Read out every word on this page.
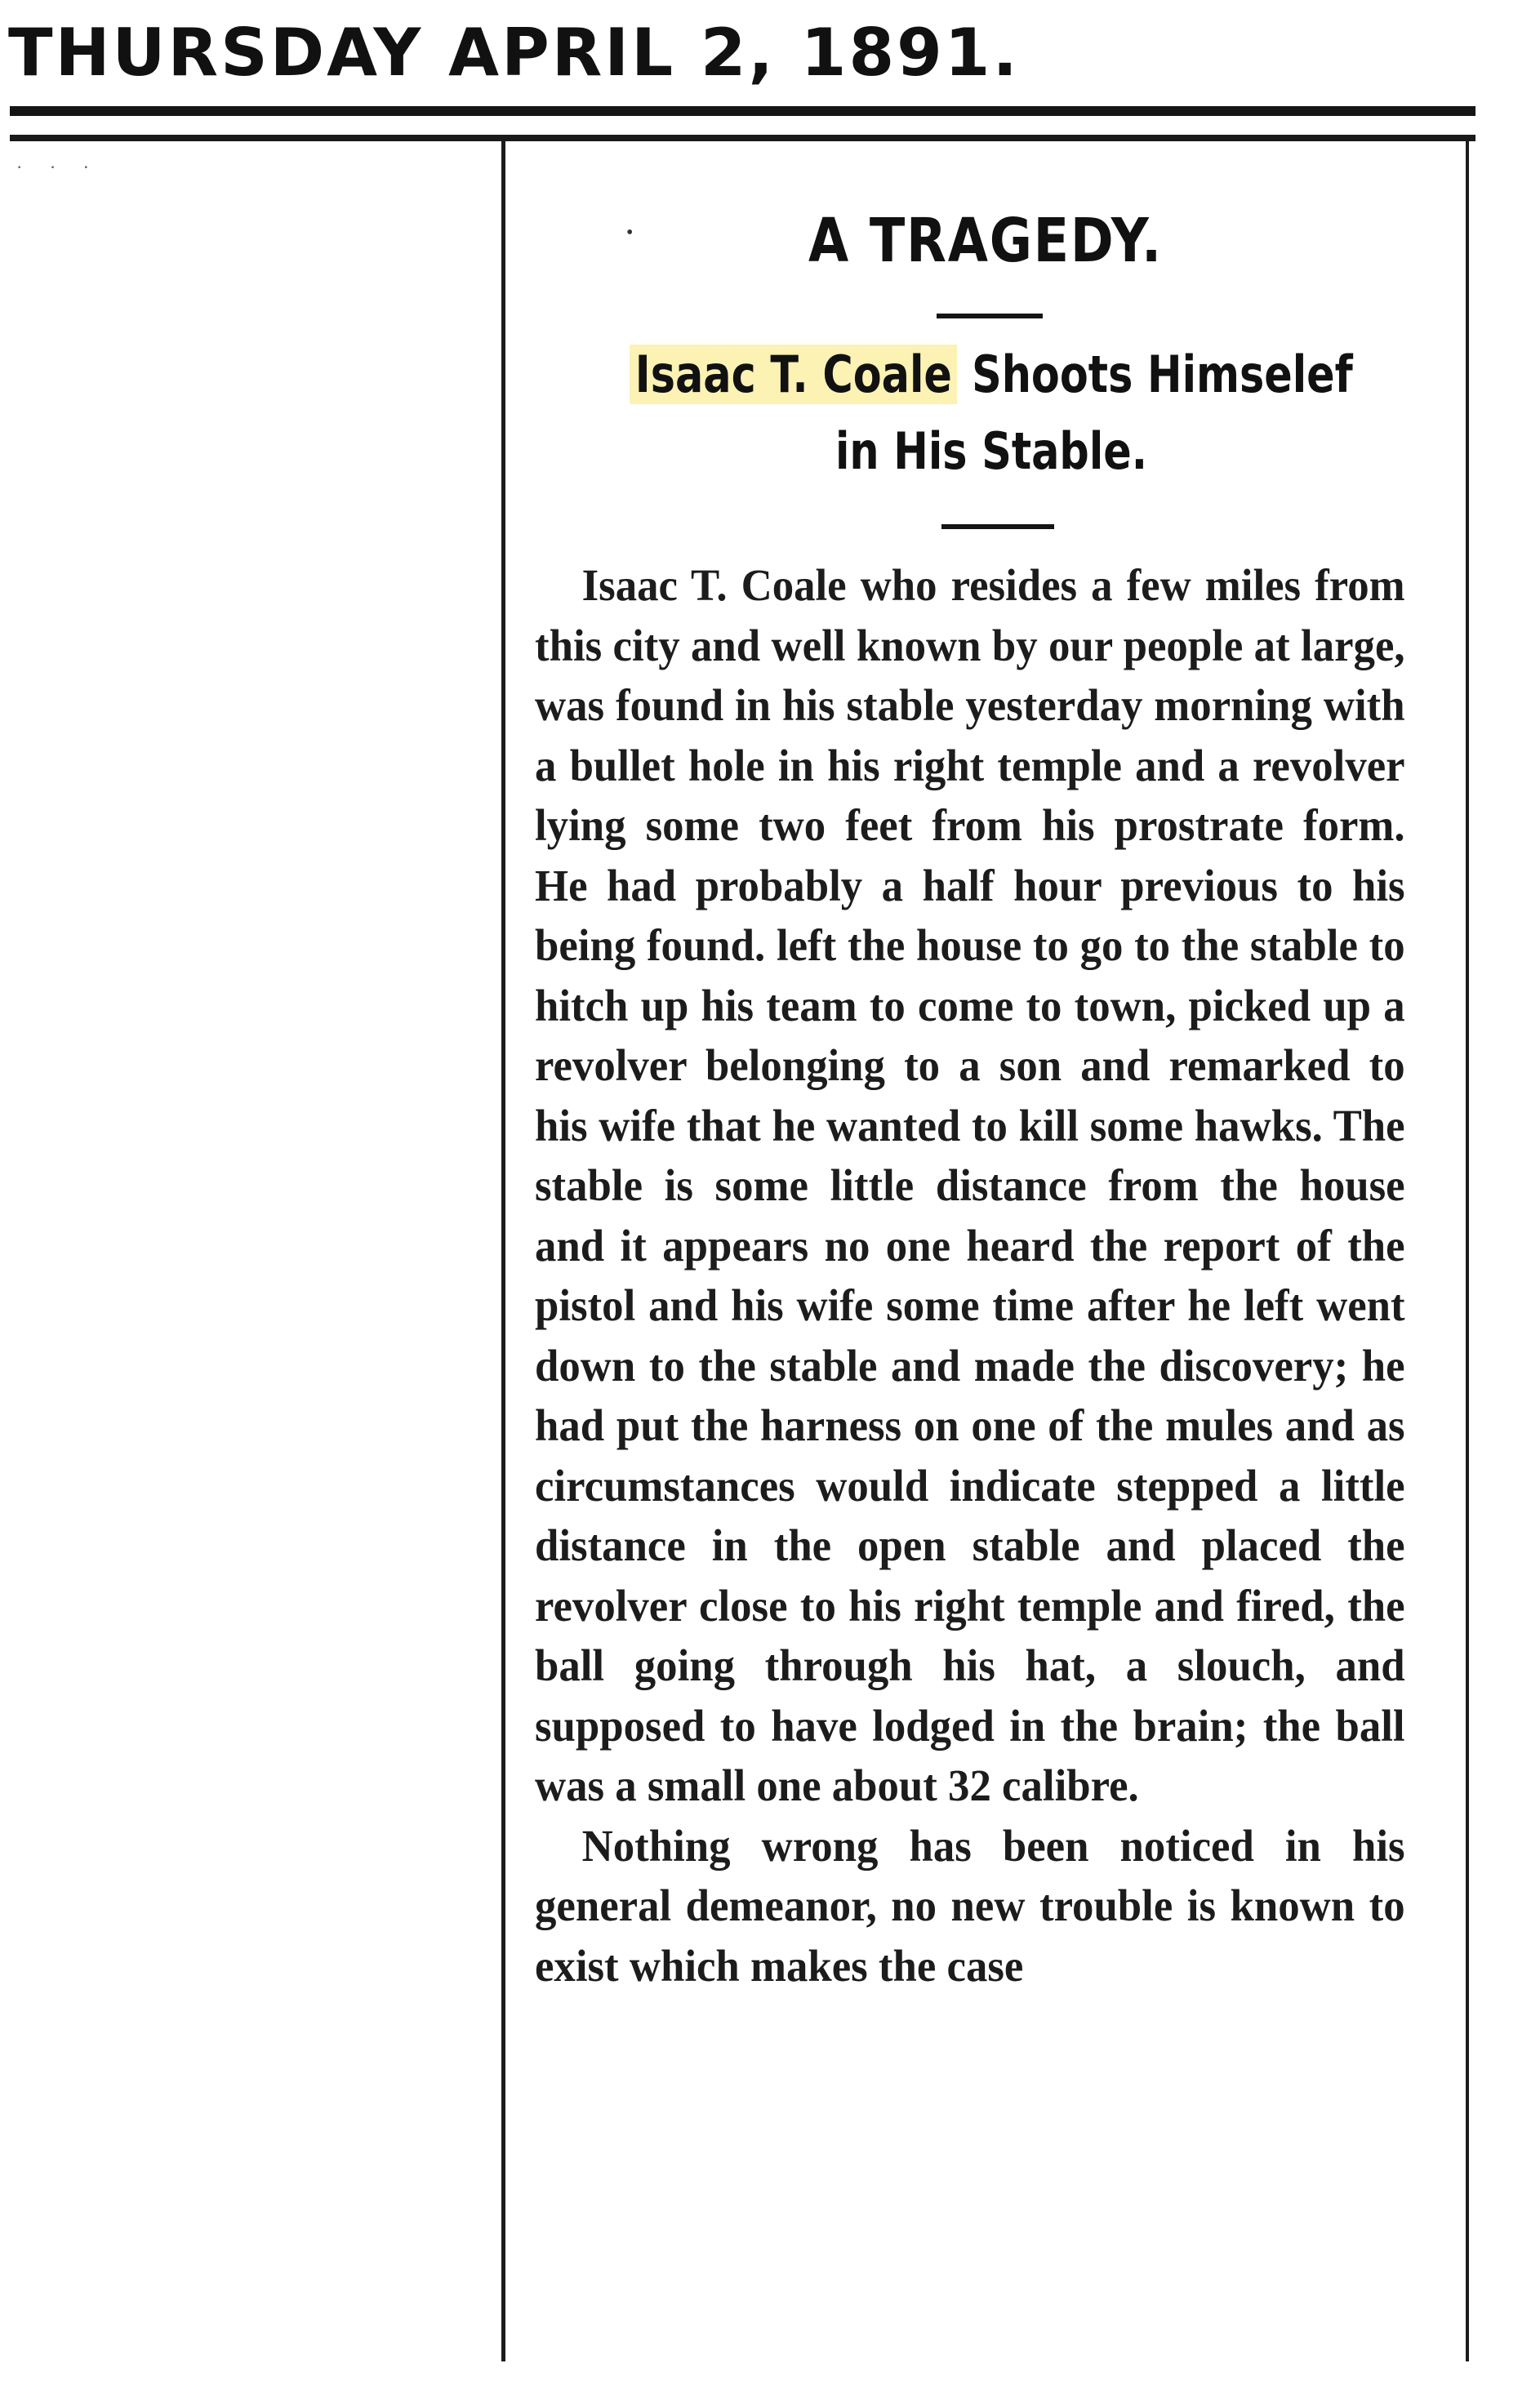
THURSDAY APRIL 2, 1891.
· · ·
A TRAGEDY.
Isaac T. Coale Shoots Himselef in His Stable.

Isaac T. Coale who resides a few miles from this city and well known by our people at large, was found in his stable yesterday morning with a bullet hole in his right temple and a revolver lying some two feet from his prostrate form. He had probably a half hour previous to his being found. left the house to go to the stable to hitch up his team to come to town, picked up a revolver belonging to a son and remarked to his wife that he wanted to kill some hawks. The stable is some little distance from the house and it appears no one heard the report of the pistol and his wife some time after he left went down to the stable and made the discovery; he had put the harness on one of the mules and as circumstances would indicate stepped a little distance in the open stable and placed the revolver close to his right temple and fired, the ball going through his hat, a slouch, and supposed to have lodged in the brain; the ball was a small one about 32 calibre.

Nothing wrong has been noticed in his general demeanor, no new trouble is known to exist which makes the case

•
